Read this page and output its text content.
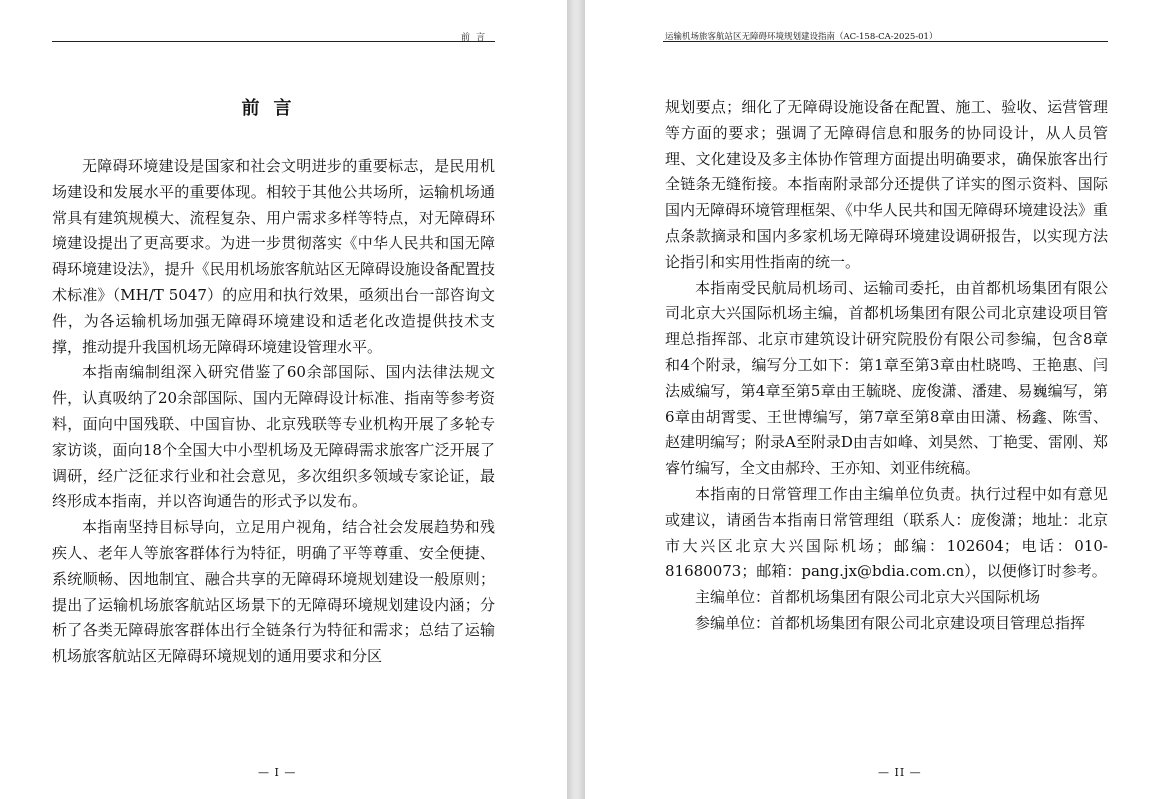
前言
前言

无障碍环境建设是国家和社会文明进步的重要标志，是民用机场建设和发展水平的重要体现。相较于其他公共场所，运输机场通常具有建筑规模大、流程复杂、用户需求多样等特点，对无障碍环境建设提出了更高要求。为进一步贯彻落实《中华人民共和国无障碍环境建设法》，提升《民用机场旅客航站区无障碍设施设备配置技术标准》（MH/T 5047）的应用和执行效果，亟须出台一部咨询文件，为各运输机场加强无障碍环境建设和适老化改造提供技术支撑，推动提升我国机场无障碍环境建设管理水平。

本指南编制组深入研究借鉴了60余部国际、国内法律法规文件，认真吸纳了20余部国际、国内无障碍设计标准、指南等参考资料，面向中国残联、中国盲协、北京残联等专业机构开展了多轮专家访谈，面向18个全国大中小型机场及无障碍需求旅客广泛开展了调研，经广泛征求行业和社会意见，多次组织多领域专家论证，最终形成本指南，并以咨询通告的形式予以发布。

本指南坚持目标导向，立足用户视角，结合社会发展趋势和残疾人、老年人等旅客群体行为特征，明确了平等尊重、安全便捷、系统顺畅、因地制宜、融合共享的无障碍环境规划建设一般原则；提出了运输机场旅客航站区场景下的无障碍环境规划建设内涵；分析了各类无障碍旅客群体出行全链条行为特征和需求；总结了运输机场旅客航站区无障碍环境规划的通用要求和分区

— I —
运输机场旅客航站区无障碍环境规划建设指南（AC-158-CA-2025-01）

规划要点；细化了无障碍设施设备在配置、施工、验收、运营管理等方面的要求；强调了无障碍信息和服务的协同设计，从人员管理、文化建设及多主体协作管理方面提出明确要求，确保旅客出行全链条无缝衔接。本指南附录部分还提供了详实的图示资料、国际国内无障碍环境管理框架、《中华人民共和国无障碍环境建设法》重点条款摘录和国内多家机场无障碍环境建设调研报告，以实现方法论指引和实用性指南的统一。

本指南受民航局机场司、运输司委托，由首都机场集团有限公司北京大兴国际机场主编，首都机场集团有限公司北京建设项目管理总指挥部、北京市建筑设计研究院股份有限公司参编，包含8章和4个附录，编写分工如下：第1章至第3章由杜晓鸣、王艳惠、闫法威编写，第4章至第5章由王毓晓、庞俊潇、潘建、易巍编写，第6章由胡霄雯、王世博编写，第7章至第8章由田潇、杨鑫、陈雪、赵建明编写；附录A至附录D由吉如峰、刘昊然、丁艳雯、雷刚、郑睿竹编写，全文由郝玲、王亦知、刘亚伟统稿。

本指南的日常管理工作由主编单位负责。执行过程中如有意见或建议，请函告本指南日常管理组（联系人：庞俊潇；地址：北京市大兴区北京大兴国际机场；邮编：102604；电话：010-81680073；邮箱：pang.jx@bdia.com.cn），以便修订时参考。

主编单位：首都机场集团有限公司北京大兴国际机场

参编单位：首都机场集团有限公司北京建设项目管理总指挥

— II —
